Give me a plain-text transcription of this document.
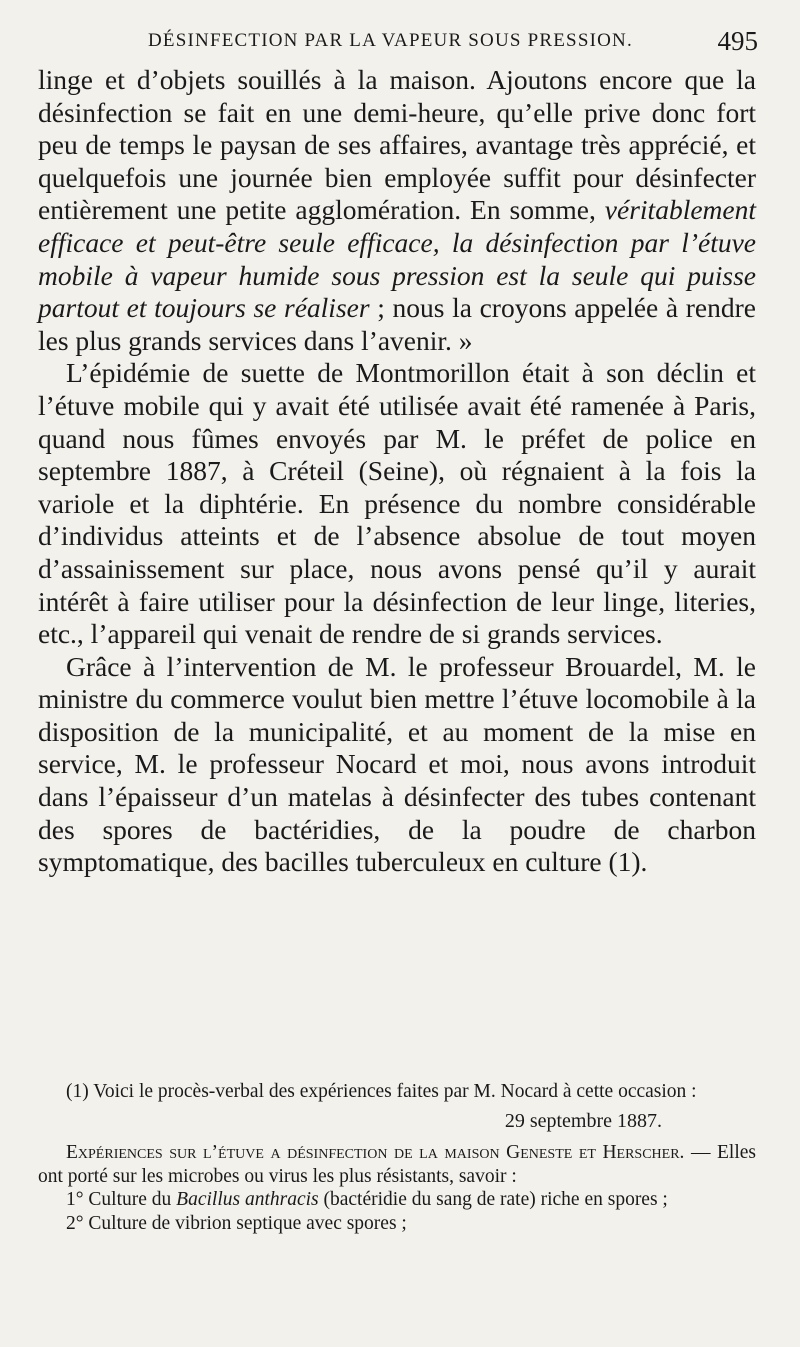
DÉSINFECTION PAR LA VAPEUR SOUS PRESSION.	495

linge et d’objets souillés à la maison. Ajoutons encore que la désinfection se fait en une demi-heure, qu’elle prive donc fort peu de temps le paysan de ses affaires, avantage très apprécié, et quelquefois une journée bien employée suffit pour désinfecter entièrement une petite agglomération. En somme, véritablement efficace et peut-être seule efficace, la désinfection par l’étuve mobile à vapeur humide sous pression est la seule qui puisse partout et toujours se réaliser ; nous la croyons appelée à rendre les plus grands services dans l’avenir. »

L’épidémie de suette de Montmorillon était à son déclin et l’étuve mobile qui y avait été utilisée avait été ramenée à Paris, quand nous fûmes envoyés par M. le préfet de police en septembre 1887, à Créteil (Seine), où régnaient à la fois la variole et la diphtérie. En présence du nombre considérable d’individus atteints et de l’absence absolue de tout moyen d’assainissement sur place, nous avons pensé qu’il y aurait intérêt à faire utiliser pour la désinfection de leur linge, literies, etc., l’appareil qui venait de rendre de si grands services.

Grâce à l’intervention de M. le professeur Brouardel, M. le ministre du commerce voulut bien mettre l’étuve locomobile à la disposition de la municipalité, et au moment de la mise en service, M. le professeur Nocard et moi, nous avons introduit dans l’épaisseur d’un matelas à désinfecter des tubes contenant des spores de bactéridies, de la poudre de charbon symptomatique, des bacilles tuberculeux en culture (1).

(1) Voici le procès-verbal des expériences faites par M. Nocard à cette occasion :

29 septembre 1887.

Expériences sur l’étuve a désinfection de la maison Geneste et Herscher. — Elles ont porté sur les microbes ou virus les plus résistants, savoir :

1° Culture du Bacillus anthracis (bactéridie du sang de rate) riche en spores ;

2° Culture de vibrion septique avec spores ;
